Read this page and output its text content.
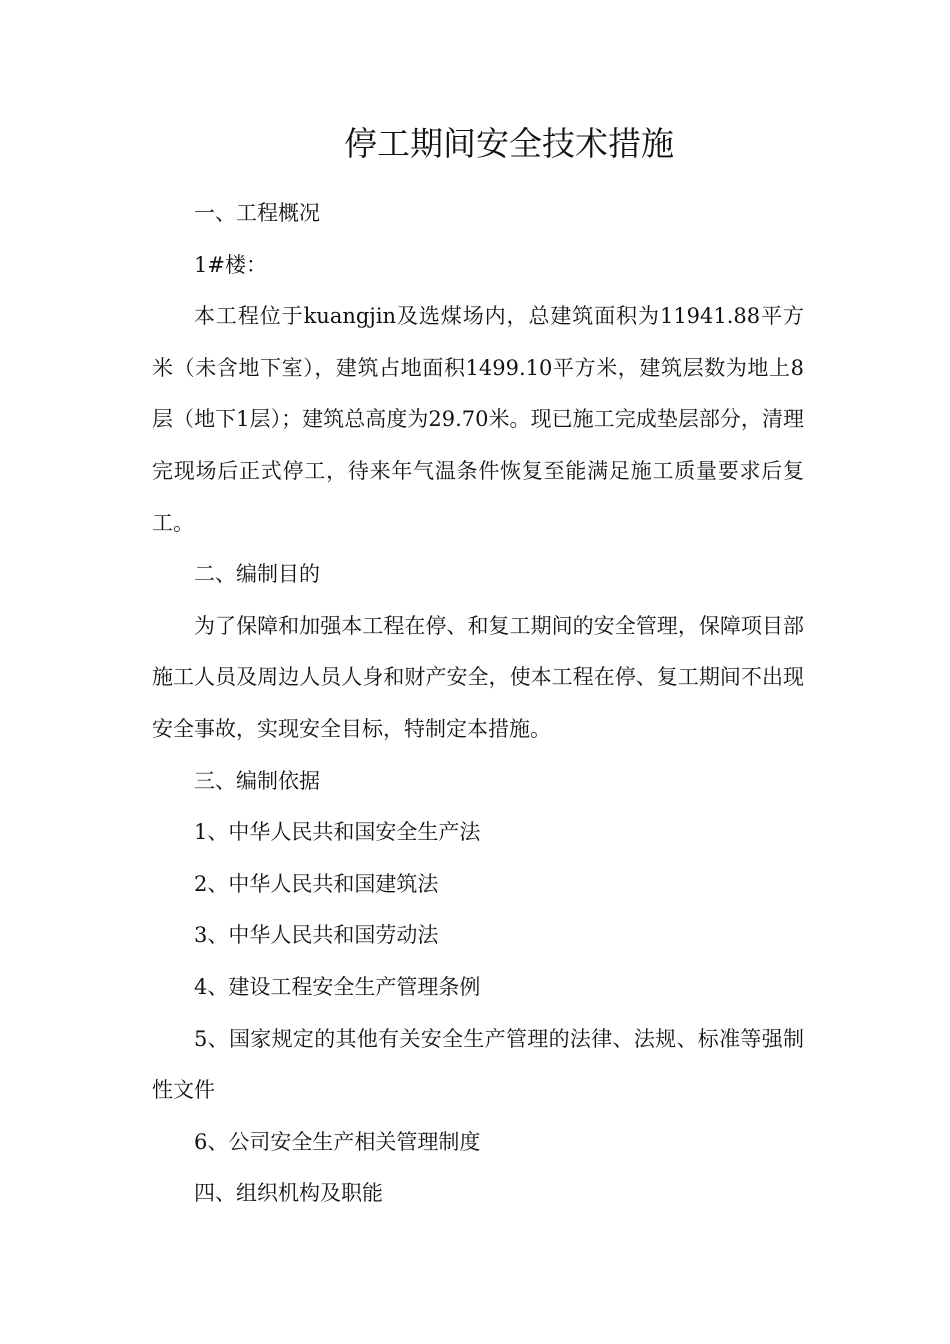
停工期间安全技术措施

一、工程概况

1#楼：

本工程位于kuangjin及选煤场内，总建筑面积为11941.88平方米（未含地下室），建筑占地面积1499.10平方米，建筑层数为地上8层（地下1层）；建筑总高度为29.70米。现已施工完成垫层部分，清理完现场后正式停工，待来年气温条件恢复至能满足施工质量要求后复工。

二、编制目的

为了保障和加强本工程在停、和复工期间的安全管理，保障项目部施工人员及周边人员人身和财产安全，使本工程在停、复工期间不出现安全事故，实现安全目标，特制定本措施。

三、编制依据

1、中华人民共和国安全生产法

2、中华人民共和国建筑法

3、中华人民共和国劳动法

4、建设工程安全生产管理条例

5、国家规定的其他有关安全生产管理的法律、法规、标准等强制性文件

6、公司安全生产相关管理制度

四、组织机构及职能
